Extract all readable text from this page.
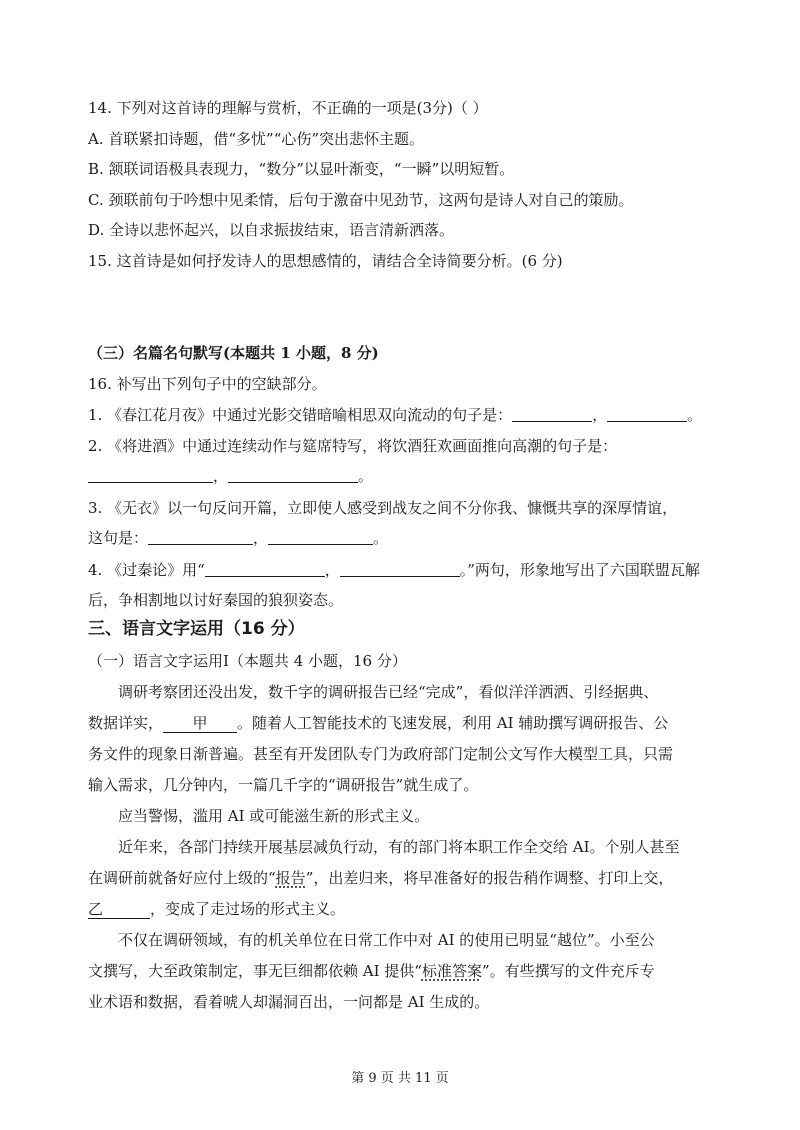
14. 下列对这首诗的理解与赏析，不正确的一项是(3分)（ ）
A. 首联紧扣诗题，借“多忧”“心伤”突出悲怀主题。
B. 颔联词语极具表现力，“数分”以显叶渐变，“一瞬”以明短暂。
C. 颈联前句于吟想中见柔情，后句于激奋中见劲节，这两句是诗人对自己的策励。
D. 全诗以悲怀起兴，以自求振拔结束，语言清新洒落。
15. 这首诗是如何抒发诗人的思想感情的，请结合全诗简要分析。(6 分)
（三）名篇名句默写(本题共 1 小题，8 分)
16. 补写出下列句子中的空缺部分。
1. 《春江花月夜》中通过光影交错暗喻相思双向流动的句子是：	，	。
2. 《将进酒》中通过连续动作与筵席特写，将饮酒狂欢画面推向高潮的句子是：
，	。
3. 《无衣》以一句反问开篇，立即使人感受到战友之间不分你我、慷慨共享的深厚情谊，
这句是：	，	。
4. 《过秦论》用“	，	。”两句，形象地写出了六国联盟瓦解
后，争相割地以讨好秦国的狼狈姿态。
三、语言文字运用（16 分）
（一）语言文字运用Ⅰ（本题共 4 小题，16 分）
调研考察团还没出发，数千字的调研报告已经“完成”，看似洋洋洒洒、引经据典、
数据详实， 甲 。随着人工智能技术的飞速发展，利用 AI 辅助撰写调研报告、公
务文件的现象日渐普遍。甚至有开发团队专门为政府部门定制公文写作大模型工具，只需
输入需求，几分钟内，一篇几千字的“调研报告”就生成了。
应当警惕，滥用 AI 或可能滋生新的形式主义。
近年来，各部门持续开展基层减负行动，有的部门将本职工作全交给 AI。个别人甚至
在调研前就备好应付上级的“报告”，出差归来，将早准备好的报告稍作调整、打印上交，
乙	，变成了走过场的形式主义。
不仅在调研领域，有的机关单位在日常工作中对 AI 的使用已明显“越位”。小至公
文撰写，大至政策制定，事无巨细都依赖 AI 提供“标准答案”。有些撰写的文件充斥专
业术语和数据，看着唬人却漏洞百出，一问都是 AI 生成的。
第 9 页 共 11 页
